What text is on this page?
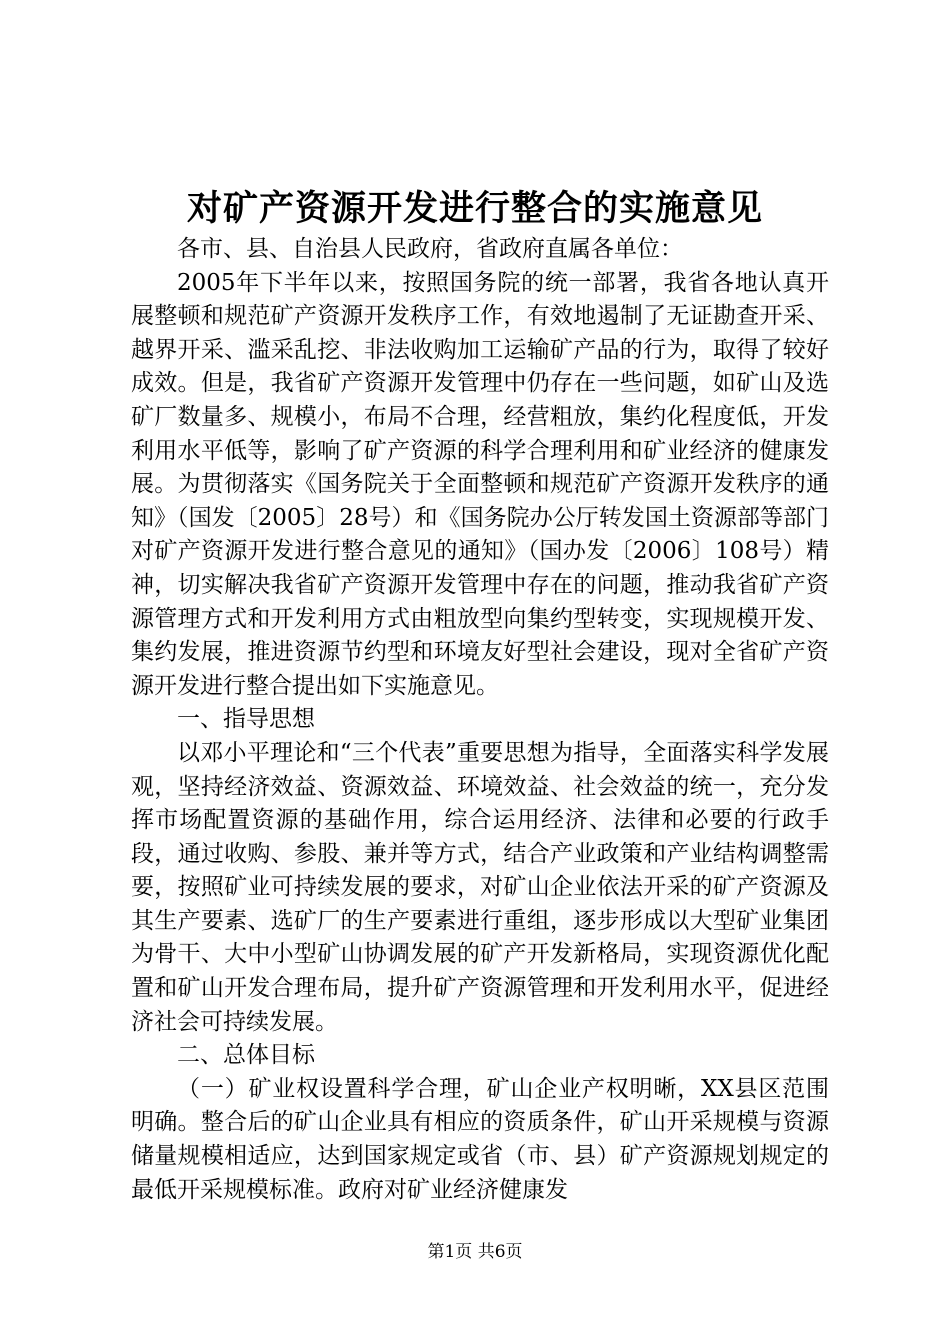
对矿产资源开发进行整合的实施意见

各市、县、自治县人民政府，省政府直属各单位：

2005年下半年以来，按照国务院的统一部署，我省各地认真开展整顿和规范矿产资源开发秩序工作，有效地遏制了无证勘查开采、越界开采、滥采乱挖、非法收购加工运输矿产品的行为，取得了较好成效。但是，我省矿产资源开发管理中仍存在一些问题，如矿山及选矿厂数量多、规模小，布局不合理，经营粗放，集约化程度低，开发利用水平低等，影响了矿产资源的科学合理利用和矿业经济的健康发展。为贯彻落实《国务院关于全面整顿和规范矿产资源开发秩序的通知》（国发〔2005〕28号）和《国务院办公厅转发国土资源部等部门对矿产资源开发进行整合意见的通知》（国办发〔2006〕108号）精神，切实解决我省矿产资源开发管理中存在的问题，推动我省矿产资源管理方式和开发利用方式由粗放型向集约型转变，实现规模开发、集约发展，推进资源节约型和环境友好型社会建设，现对全省矿产资源开发进行整合提出如下实施意见。

一、指导思想

以邓小平理论和“三个代表”重要思想为指导，全面落实科学发展观，坚持经济效益、资源效益、环境效益、社会效益的统一，充分发挥市场配置资源的基础作用，综合运用经济、法律和必要的行政手段，通过收购、参股、兼并等方式，结合产业政策和产业结构调整需要，按照矿业可持续发展的要求，对矿山企业依法开采的矿产资源及其生产要素、选矿厂的生产要素进行重组，逐步形成以大型矿业集团为骨干、大中小型矿山协调发展的矿产开发新格局，实现资源优化配置和矿山开发合理布局，提升矿产资源管理和开发利用水平，促进经济社会可持续发展。

二、总体目标

（一）矿业权设置科学合理，矿山企业产权明晰，XX县区范围明确。整合后的矿山企业具有相应的资质条件，矿山开采规模与资源储量规模相适应，达到国家规定或省（市、县）矿产资源规划规定的最低开采规模标准。政府对矿业经济健康发

第1页 共6页
